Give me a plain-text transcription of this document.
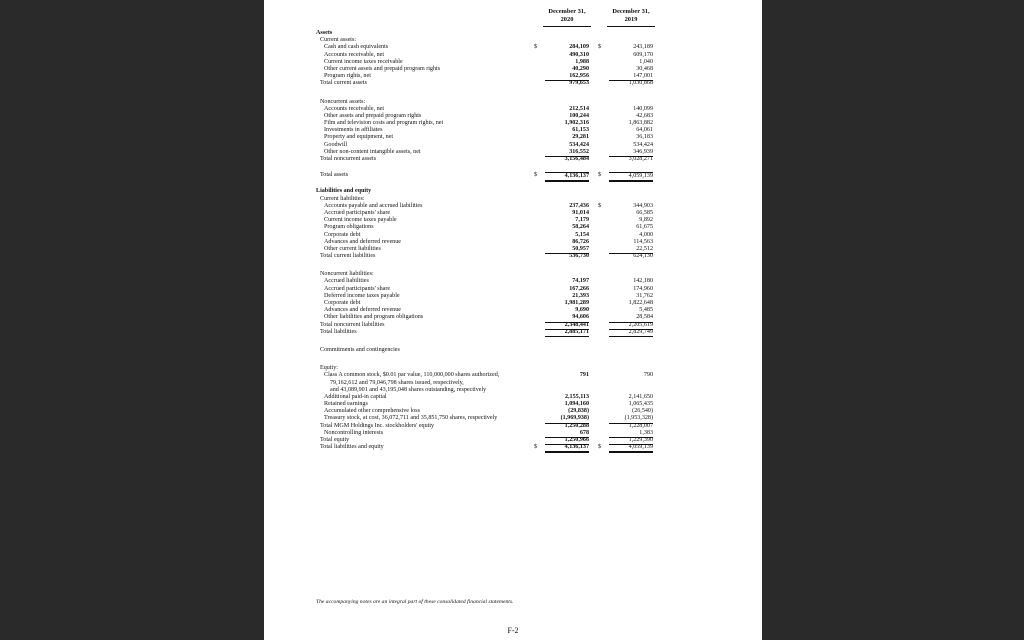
December 31, 2020
December 31, 2019
Assets
Current assets:
Cash and cash equivalents	$	284,109 $	243,189
Accounts receivable, net	490,310	609,170
Current income taxes receivable	1,988	1,040
Other current assets and prepaid program rights	40,290	30,468
Program rights, net	162,956	147,001
Total current assets	979,653	1,030,868
Noncurrent assets:
Accounts receivable, net	212,514	140,099
Other assets and prepaid program rights	100,244	42,683
Film and television costs and program rights, net	1,902,316	1,863,882
Investments in affiliates	61,153	64,061
Property and equipment, net	29,281	36,183
Goodwill	534,424	534,424
Other non-content intangible assets, net	316,552	346,939
Total noncurrent assets	3,156,484	3,028,271
Total assets	$	4,136,137 $	4,059,139
Liabilities and equity
Current liabilities:
Accounts payable and accrued liabilities	237,436 $	344,903
Accrued participants' share	91,014	66,585
Current income taxes payable	7,179	9,892
Program obligations	58,264	61,675
Corporate debt	5,154	4,000
Advances and deferred revenue	86,726	114,563
Other current liabilities	50,957	22,512
Total current liabilities	536,730	624,130
Noncurrent liabilities:
Accrued liabilities	74,197	142,180
Accrued participants' share	167,266	174,960
Deferred income taxes payable	21,393	31,762
Corporate debt	1,981,289	1,822,648
Advances and deferred revenue	9,690	5,485
Other liabilities and program obligations	94,606	28,584
Total noncurrent liabilities	2,348,441	2,205,619
Total liabilities	2,885,171	2,829,749
Commitments and contingencies
Equity:
Class A common stock, $0.01 par value, 110,000,000 shares authorized,	791	790
79,162,612 and 79,046,798 shares issued, respectively,
and 43,089,901 and 43,195,048 shares outstanding, respectively
Additional paid-in capital	2,155,113	2,141,650
Retained earnings	1,094,160	1,065,435
Accumulated other comprehensive loss	(29,838)	(26,540)
Treasury stock, at cost, 36,072,711 and 35,851,750 shares, respectively	(1,969,938)	(1,953,328)
Total MGM Holdings Inc. stockholders' equity	1,250,288	1,228,007
Noncontrolling interests	678	1,383
Total equity	1,250,966	1,229,390
Total liabilities and equity	$	4,136,137 $	4,059,139
The accompanying notes are an integral part of these consolidated financial statements.
F-2
